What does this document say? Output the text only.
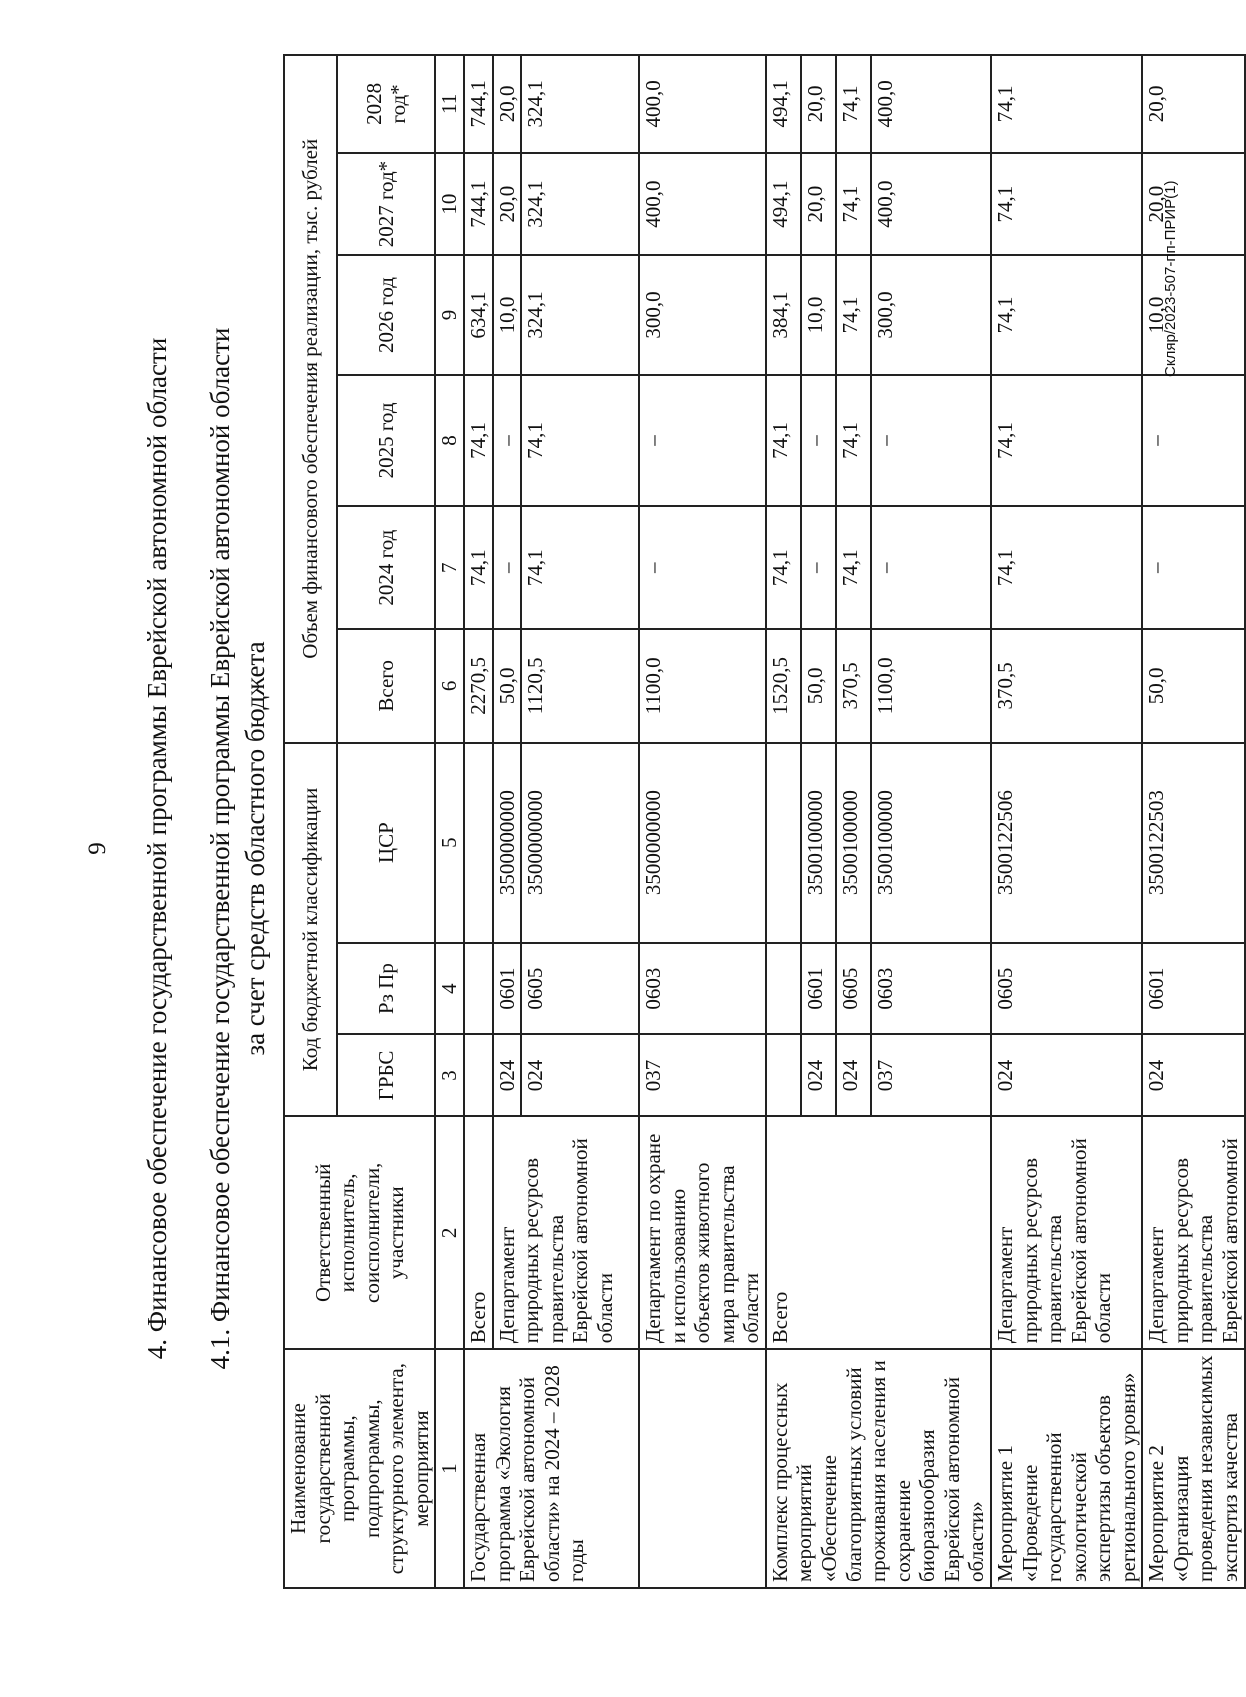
9 4. Финансовое обеспечение государственной программы Еврейской автономной области 4.1. Финансовое обеспечение государственной программы Еврейской автономной области за счет средств областного бюджета
Наименование государственной программы, подпрограммы, структурного элемента, мероприятия	Ответственный исполнитель, соисполнители, участники	Код бюджетной классификации			Объем финансового обеспечения реализации, тыс. рублей					
		ГРБС	Рз Пр	ЦСР	Всего	2024 год	2025 год	2026 год	2027 год*	2028 год*
1	2	3	4	5	6	7	8	9	10	11
Государственная программа «Экология Еврейской автономной области» на 2024 – 2028 годы	Всего				2270,5	74,1	74,1	634,1	744,1	744,1
	Департамент природных ресурсов правительства Еврейской автономной области	024	0601	3500000000	50,0	–	–	10,0	20,0	20,0
		024	0605	3500000000	1120,5	74,1	74,1	324,1	324,1	324,1
	Департамент по охране и использованию объектов животного мира правительства области	037	0603	3500000000	1100,0	–	–	300,0	400,0	400,0
Комплекс процессных мероприятий «Обеспечение благоприятных условий проживания населения и сохранение биоразнообразия Еврейской автономной области»	Всего				1520,5	74,1	74,1	384,1	494,1	494,1
		024	0601	3500100000	50,0	–	–	10,0	20,0	20,0
		024	0605	3500100000	370,5	74,1	74,1	74,1	74,1	74,1
		037	0603	3500100000	1100,0	–	–	300,0	400,0	400,0
Мероприятие 1 «Проведение государственной экологической экспертизы объектов регионального уровня»	Департамент природных ресурсов правительства Еврейской автономной области	024	0605	3500122506	370,5	74,1	74,1	74,1	74,1	74,1
Мероприятие 2 «Организация проведения независимых экспертиз качества	Департамент природных ресурсов правительства Еврейской автономной	024	0601	3500122503	50,0	–	–	10,0	20,0	20,0
Скляр/2023-507-пп-ПРИР(1)
